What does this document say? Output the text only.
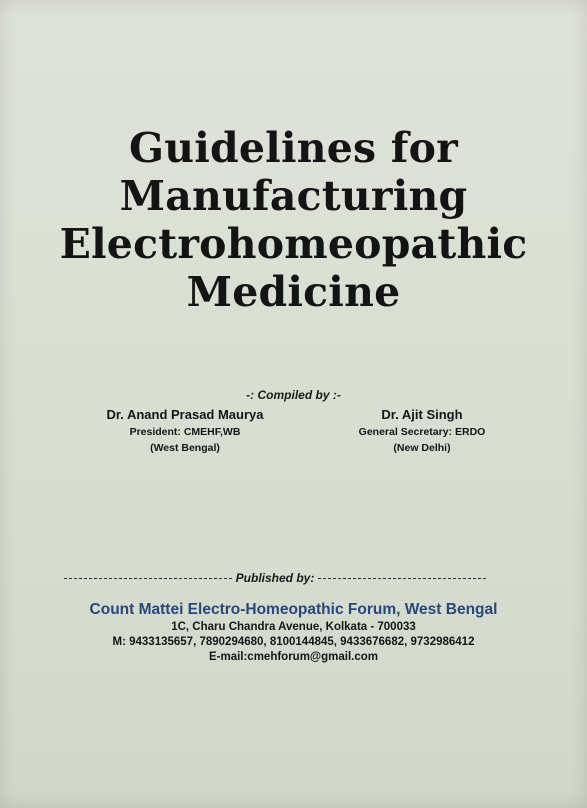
Guidelines for
Manufacturing
Electrohomeopathic
Medicine
-: Compiled by :-
Dr. Anand Prasad Maurya
President: CMEHF,WB
(West Bengal)
Dr. Ajit Singh
General Secretary: ERDO
(New Delhi)
Published by:
Count Mattei Electro-Homeopathic Forum, West Bengal
1C, Charu Chandra Avenue, Kolkata - 700033
M: 9433135657, 7890294680, 8100144845, 9433676682, 9732986412
E-mail:cmehforum@gmail.com
